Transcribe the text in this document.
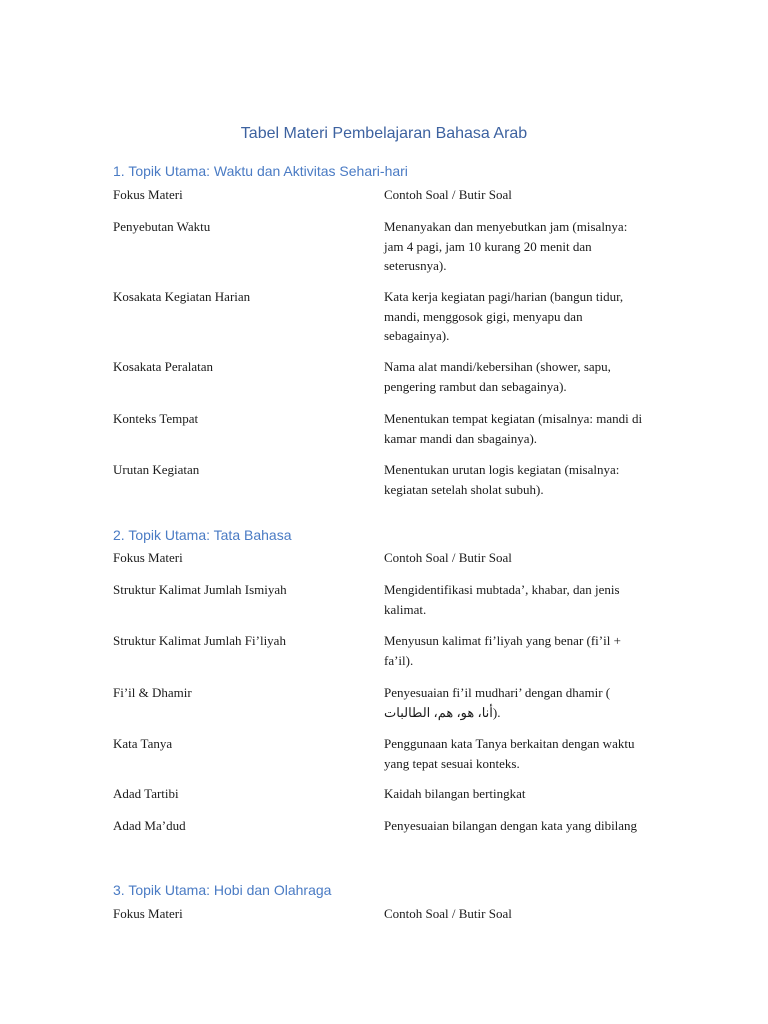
Tabel Materi Pembelajaran Bahasa Arab
1. Topik Utama: Waktu dan Aktivitas Sehari-hari
Fokus Materi	Contoh Soal / Butir Soal
Penyebutan Waktu	Menanyakan dan menyebutkan jam (misalnya: jam 4 pagi, jam 10 kurang 20 menit dan seterusnya).
Kosakata Kegiatan Harian	Kata kerja kegiatan pagi/harian (bangun tidur, mandi, menggosok gigi, menyapu dan sebagainya).
Kosakata Peralatan	Nama alat mandi/kebersihan (shower, sapu, pengering rambut dan sebagainya).
Konteks Tempat	Menentukan tempat kegiatan (misalnya: mandi di kamar mandi dan sbagainya).
Urutan Kegiatan	Menentukan urutan logis kegiatan (misalnya: kegiatan setelah sholat subuh).
2. Topik Utama: Tata Bahasa
Fokus Materi	Contoh Soal / Butir Soal
Struktur Kalimat Jumlah Ismiyah	Mengidentifikasi mubtada’, khabar, dan jenis kalimat.
Struktur Kalimat Jumlah Fi’liyah	Menyusun kalimat fi’liyah yang benar (fi’il + fa’il).
Fi’il & Dhamir	Penyesuaian fi’il mudhari’ dengan dhamir (
أنا، هو، هم، الطالبات).
Kata Tanya	Penggunaan kata Tanya berkaitan dengan waktu yang tepat sesuai konteks.
Adad Tartibi	Kaidah bilangan bertingkat
Adad Ma’dud	Penyesuaian bilangan dengan kata yang dibilang
3. Topik Utama: Hobi dan Olahraga
Fokus Materi	Contoh Soal / Butir Soal
